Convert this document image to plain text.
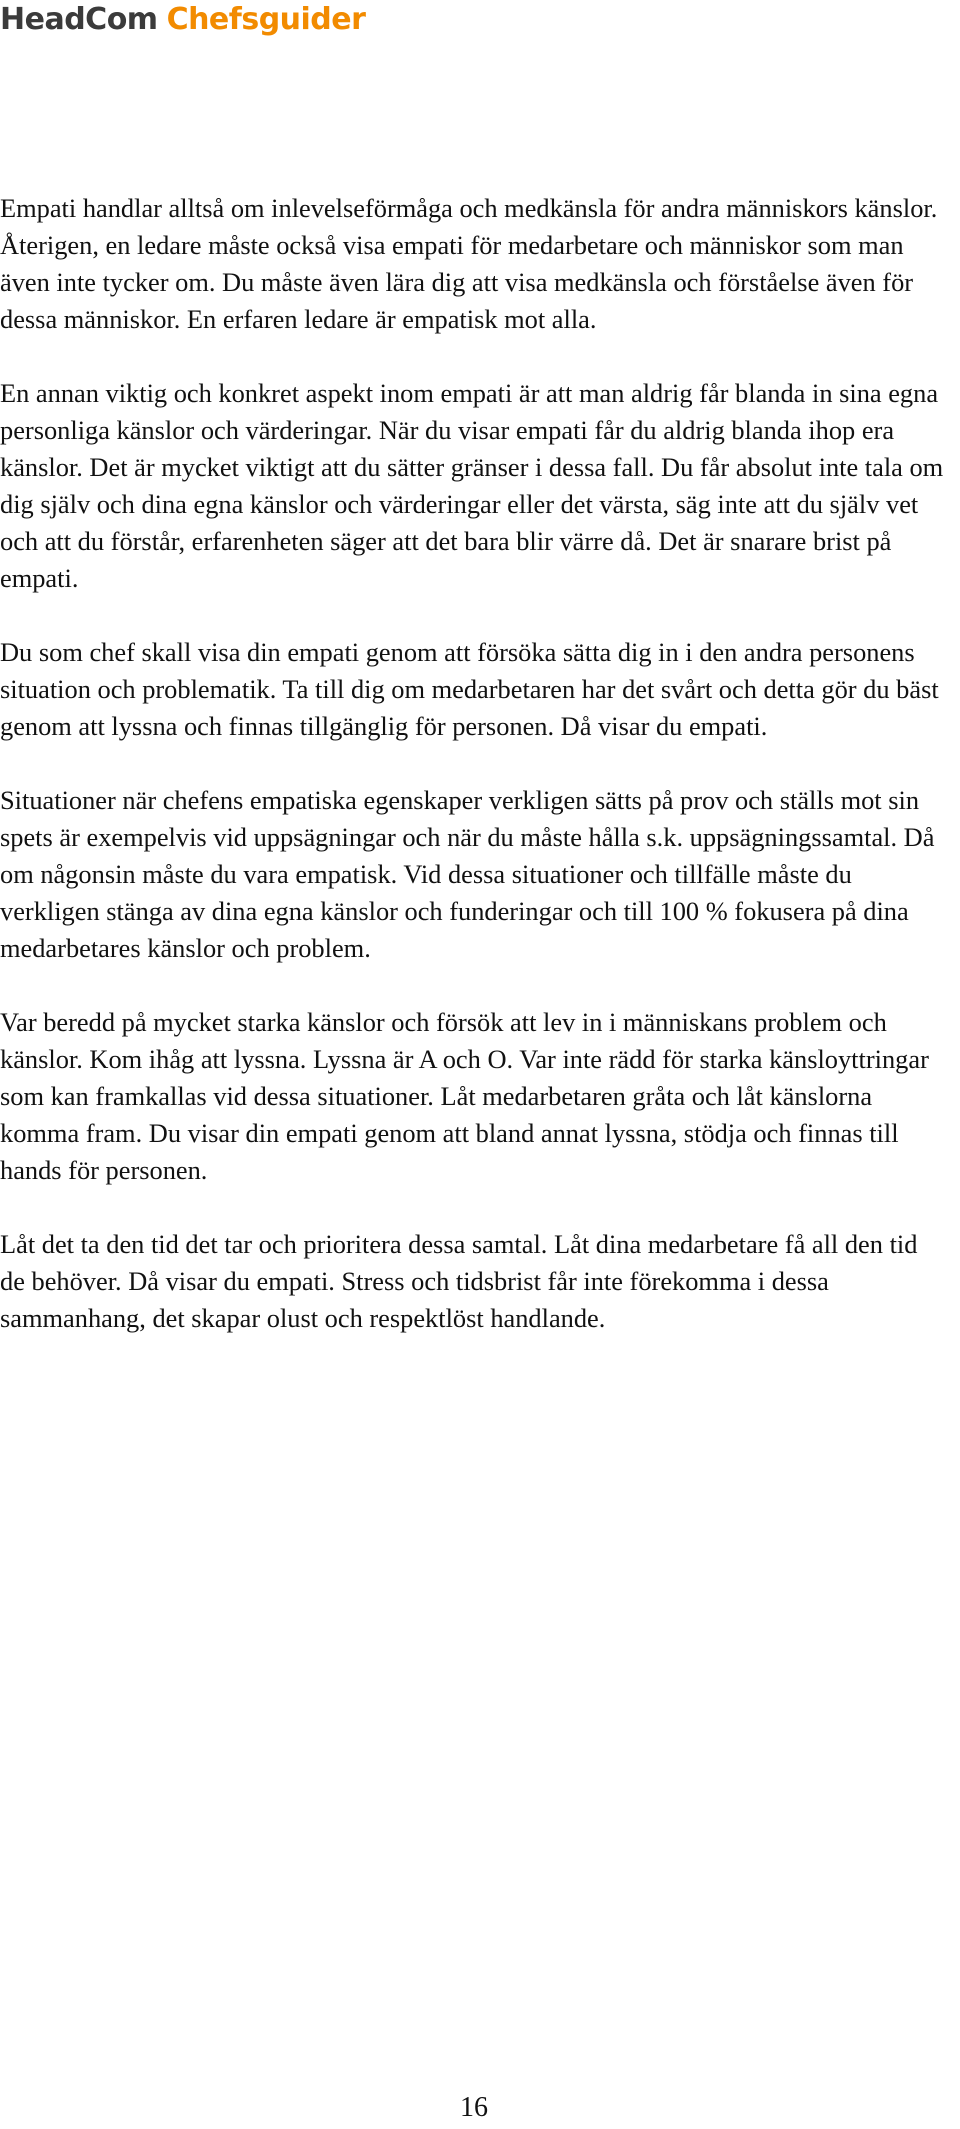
HeadCom Chefsguider

Empati handlar alltså om inlevelseförmåga och medkänsla för andra människors känslor. Återigen, en ledare måste också visa empati för medarbetare och människor som man även inte tycker om. Du måste även lära dig att visa medkänsla och förståelse även för dessa människor. En erfaren ledare är empatisk mot alla.

En annan viktig och konkret aspekt inom empati är att man aldrig får blanda in sina egna personliga känslor och värderingar. När du visar empati får du aldrig blanda ihop era känslor. Det är mycket viktigt att du sätter gränser i dessa fall. Du får absolut inte tala om dig själv och dina egna känslor och värderingar eller det värsta, säg inte att du själv vet och att du förstår, erfarenheten säger att det bara blir värre då. Det är snarare brist på empati.

Du som chef skall visa din empati genom att försöka sätta dig in i den andra personens situation och problematik. Ta till dig om medarbetaren har det svårt och detta gör du bäst genom att lyssna och finnas tillgänglig för personen. Då visar du empati.

Situationer när chefens empatiska egenskaper verkligen sätts på prov och ställs mot sin spets är exempelvis vid uppsägningar och när du måste hålla s.k. uppsägningssamtal. Då om någonsin måste du vara empatisk. Vid dessa situationer och tillfälle måste du verkligen stänga av dina egna känslor och funderingar och till 100 % fokusera på dina medarbetares känslor och problem.

Var beredd på mycket starka känslor och försök att lev in i människans problem och känslor. Kom ihåg att lyssna. Lyssna är A och O. Var inte rädd för starka känsloyttringar som kan framkallas vid dessa situationer. Låt medarbetaren gråta och låt känslorna komma fram. Du visar din empati genom att bland annat lyssna, stödja och finnas till hands för personen.

Låt det ta den tid det tar och prioritera dessa samtal. Låt dina medarbetare få all den tid de behöver. Då visar du empati. Stress och tidsbrist får inte förekomma i dessa sammanhang, det skapar olust och respektlöst handlande.

16
